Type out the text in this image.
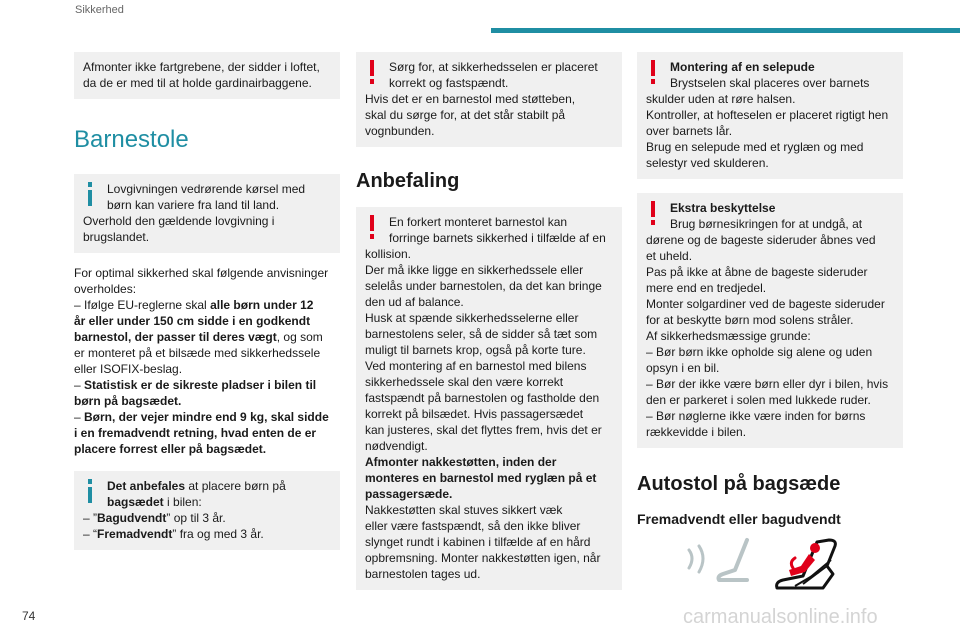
Sikkerhed
Afmonter ikke fartgrebene, der sidder i loftet,
da de er med til at holde gardinairbaggene.
Barnestole
Lovgivningen vedrørende kørsel med
børn kan variere fra land til land.
Overhold den gældende lovgivning i
brugslandet.
For optimal sikkerhed skal følgende anvisninger
overholdes:
– Ifølge EU-reglerne skal alle børn under 12
år eller under 150 cm sidde i en godkendt
barnestol, der passer til deres vægt, og som
er monteret på et bilsæde med sikkerhedssele
eller ISOFIX-beslag.
– Statistisk er de sikreste pladser i bilen til
børn på bagsædet.
– Børn, der vejer mindre end 9 kg, skal sidde
i en fremadvendt retning, hvad enten de er
placere forrest eller på bagsædet.
Det anbefales at placere børn på
bagsædet i bilen:
– ”Bagudvendt” op til 3 år.
– “Fremadvendt” fra og med 3 år.
Sørg for, at sikkerhedsselen er placeret
korrekt og fastspændt.
Hvis det er en barnestol med støtteben,
skal du sørge for, at det står stabilt på
vognbunden.
Anbefaling
En forkert monteret barnestol kan
forringe barnets sikkerhed i tilfælde af en
kollision.
Der må ikke ligge en sikkerhedssele eller
selelås under barnestolen, da det kan bringe
den ud af balance.
Husk at spænde sikkerhedsselerne eller
barnestolens seler, så de sidder så tæt som
muligt til barnets krop, også på korte ture.
Ved montering af en barnestol med bilens
sikkerhedssele skal den være korrekt
fastspændt på barnestolen og fastholde den
korrekt på bilsædet. Hvis passagersædet
kan justeres, skal det flyttes frem, hvis det er
nødvendigt.
Afmonter nakkestøtten, inden der
monteres en barnestol med ryglæn på et
passagersæde.
Nakkestøtten skal stuves sikkert væk
eller være fastspændt, så den ikke bliver
slynget rundt i kabinen i tilfælde af en hård
opbremsning. Monter nakkestøtten igen, når
barnestolen tages ud.
Montering af en selepude
Brystselen skal placeres over barnets
skulder uden at røre halsen.
Kontroller, at hofteselen er placeret rigtigt hen
over barnets lår.
Brug en selepude med et ryglæn og med
selestyr ved skulderen.
Ekstra beskyttelse
Brug børnesikringen for at undgå, at
dørene og de bageste sideruder åbnes ved
et uheld.
Pas på ikke at åbne de bageste sideruder
mere end en tredjedel.
Monter solgardiner ved de bageste sideruder
for at beskytte børn mod solens stråler.
Af sikkerhedsmæssige grunde:
– Bør børn ikke opholde sig alene og uden
opsyn i en bil.
– Bør der ikke være børn eller dyr i bilen, hvis
den er parkeret i solen med lukkede ruder.
– Bør nøglerne ikke være inden for børns
rækkevidde i bilen.
Autostol på bagsæde
Fremadvendt eller bagudvendt
74	carmanualsonline.info
